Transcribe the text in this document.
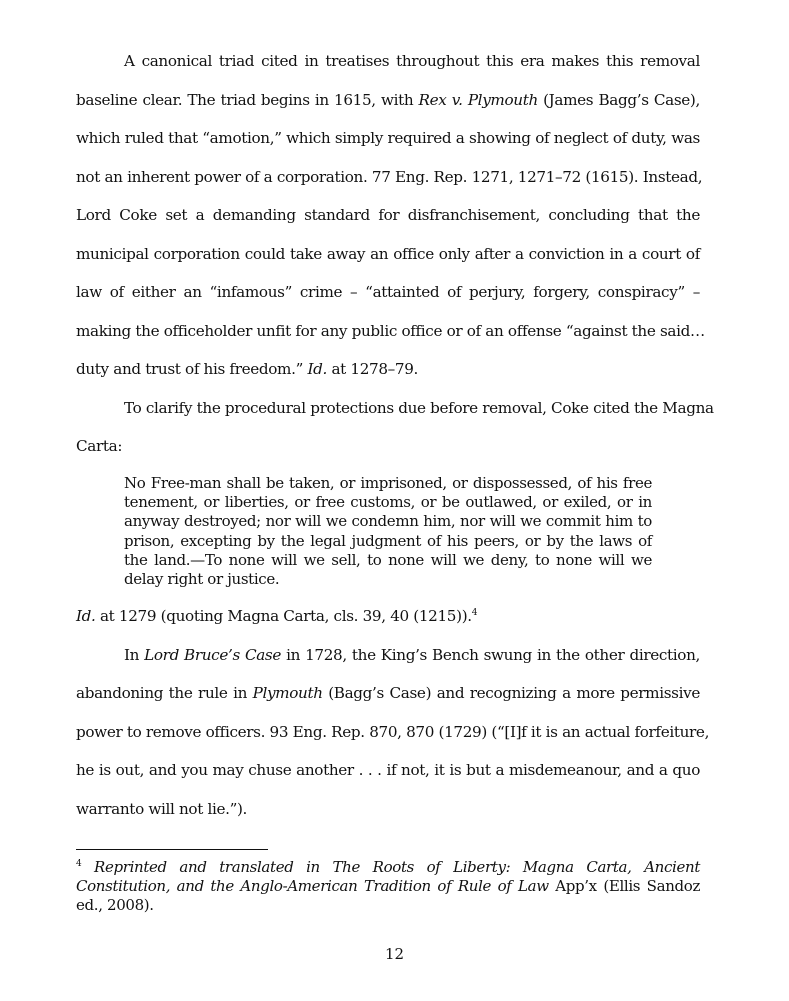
A canonical triad cited in treatises throughout this era makes this removal
baseline clear. The triad begins in 1615, with Rex v. Plymouth (James Bagg’s Case),
which ruled that “amotion,” which simply required a showing of neglect of duty, was
not an inherent power of a corporation. 77 Eng. Rep. 1271, 1271–72 (1615). Instead,
Lord Coke set a demanding standard for disfranchisement, concluding that the
municipal corporation could take away an office only after a conviction in a court of
law of either an “infamous” crime – “attainted of perjury, forgery, conspiracy” –
making the officeholder unfit for any public office or of an offense “against the said…
duty and trust of his freedom.” Id. at 1278–79.
To clarify the procedural protections due before removal, Coke cited the Magna
Carta:
No Free-man shall be taken, or imprisoned, or dispossessed, of his free
tenement, or liberties, or free customs, or be outlawed, or exiled, or in
anyway destroyed; nor will we condemn him, nor will we commit him to
prison, excepting by the legal judgment of his peers, or by the laws of
the land.—To none will we sell, to none will we deny, to none will we
delay right or justice.
Id. at 1279 (quoting Magna Carta, cls. 39, 40 (1215)).$^4$
In Lord Bruce’s Case in 1728, the King’s Bench swung in the other direction,
abandoning the rule in Plymouth (Bagg’s Case) and recognizing a more permissive
power to remove officers. 93 Eng. Rep. 870, 870 (1729) (“[I]f it is an actual forfeiture,
he is out, and you may chuse another . . . if not, it is but a misdemeanour, and a quo
warranto will not lie.”).
$^4$ Reprinted and translated in The Roots of Liberty: Magna Carta, Ancient
Constitution, and the Anglo-American Tradition of Rule of Law App’x (Ellis Sandoz
ed., 2008).
12
